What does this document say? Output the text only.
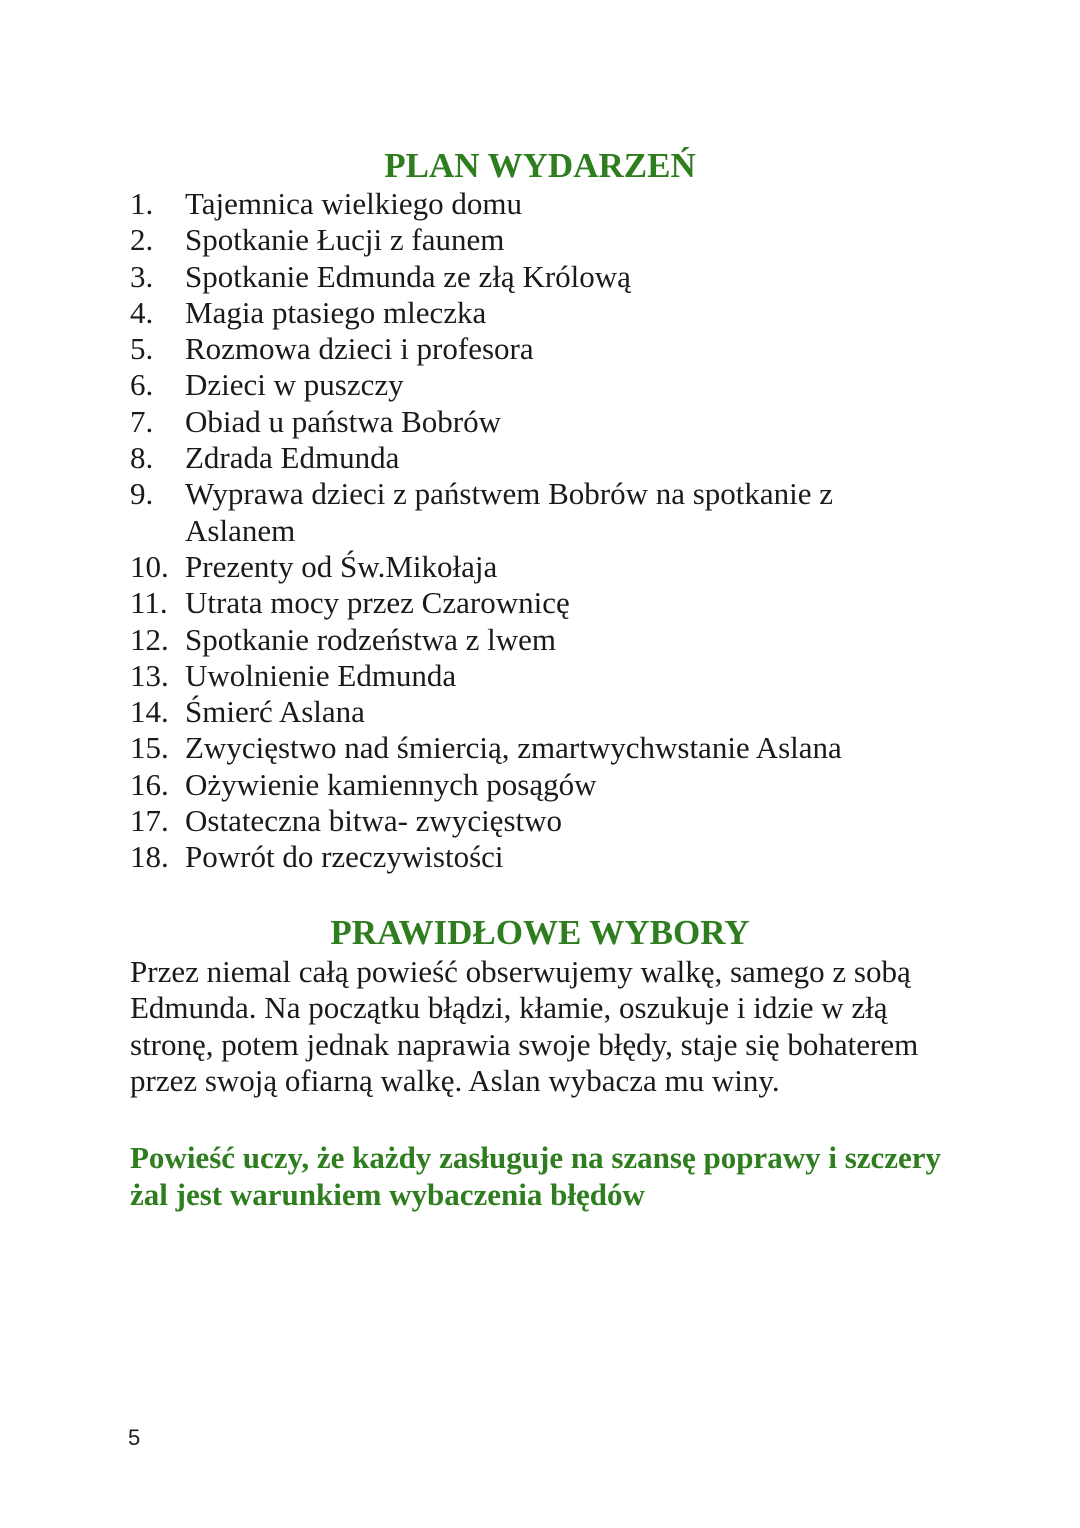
PLAN WYDARZEŃ
1.	Tajemnica wielkiego domu
2.	Spotkanie Łucji z faunem
3.	Spotkanie Edmunda ze złą Królową
4.	Magia ptasiego mleczka
5.	Rozmowa dzieci i profesora
6.	Dzieci w puszczy
7.	Obiad u państwa Bobrów
8.	Zdrada Edmunda
9.	Wyprawa dzieci z państwem Bobrów na spotkanie z Aslanem
10. Prezenty od Św.Mikołaja
11. Utrata mocy przez Czarownicę
12. Spotkanie rodzeństwa z lwem
13. Uwolnienie Edmunda
14. Śmierć Aslana
15. Zwycięstwo nad śmiercią, zmartwychwstanie Aslana
16. Ożywienie kamiennych posągów
17. Ostateczna bitwa- zwycięstwo
18. Powrót do rzeczywistości
PRAWIDŁOWE WYBORY

Przez niemal całą powieść obserwujemy walkę, samego z sobą Edmunda. Na początku błądzi, kłamie, oszukuje i idzie w złą stronę, potem jednak naprawia swoje błędy, staje się bohaterem przez swoją ofiarną walkę. Aslan wybacza mu winy.

Powieść uczy, że każdy zasługuje na szansę poprawy i szczery żal jest warunkiem wybaczenia błędów

5
